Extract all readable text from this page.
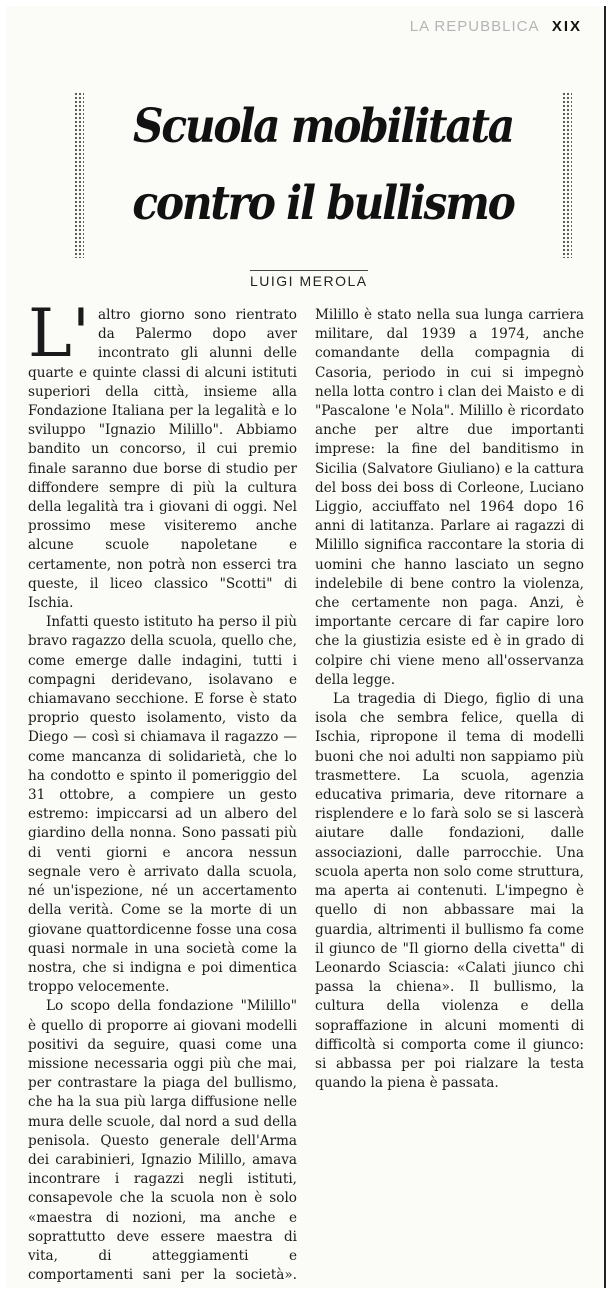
LA REPUBBLICA XIX
Scuola mobilitata
contro il bullismo
LUIGI MEROLA

L' altro giorno sono rientrato da Palermo dopo aver incontrato gli alunni delle quarte e quinte classi di alcuni istituti superiori della città, insieme alla Fondazione Italiana per la legalità e lo sviluppo "Ignazio Milillo". Abbiamo bandito un concorso, il cui premio finale saranno due borse di studio per diffondere sempre di più la cultura della legalità tra i giovani di oggi. Nel prossimo mese visiteremo anche alcune scuole napoletane e certamente, non potrà non esserci tra queste, il liceo classico "Scotti" di Ischia.

Infatti questo istituto ha perso il più bravo ragazzo della scuola, quello che, come emerge dalle indagini, tutti i compagni deridevano, isolavano e chiamavano secchione. E forse è stato proprio questo isolamento, visto da Diego — così si chiamava il ragazzo — come mancanza di solidarietà, che lo ha condotto e spinto il pomeriggio del 31 ottobre, a compiere un gesto estremo: impiccarsi ad un albero del giardino della nonna. Sono passati più di venti giorni e ancora nessun segnale vero è arrivato dalla scuola, né un'ispezione, né un accertamento della verità. Come se la morte di un giovane quattordicenne fosse una cosa quasi normale in una società come la nostra, che si indigna e poi dimentica troppo velocemente.

Lo scopo della fondazione "Milillo" è quello di proporre ai giovani modelli positivi da seguire, quasi come una missione necessaria oggi più che mai, per contrastare la piaga del bullismo, che ha la sua più larga diffusione nelle mura delle scuole, dal nord a sud della penisola. Questo generale dell'Arma dei carabinieri, Ignazio Milillo, amava incontrare i ragazzi negli istituti, consapevole che la scuola non è solo «maestra di nozioni, ma anche e soprattutto deve essere maestra di vita, di atteggiamenti e comportamenti sani per la società». Milillo è stato nella sua lunga carriera militare, dal 1939 a 1974, anche comandante della compagnia di Casoria, periodo in cui si impegnò nella lotta contro i clan dei Maisto e di "Pascalone 'e Nola". Milillo è ricordato anche per altre due importanti imprese: la fine del banditismo in Sicilia (Salvatore Giuliano) e la cattura del boss dei boss di Corleone, Luciano Liggio, acciuffato nel 1964 dopo 16 anni di latitanza. Parlare ai ragazzi di Milillo significa raccontare la storia di uomini che hanno lasciato un segno indelebile di bene contro la violenza, che certamente non paga. Anzi, è importante cercare di far capire loro che la giustizia esiste ed è in grado di colpire chi viene meno all'osservanza della legge.

La tragedia di Diego, figlio di una isola che sembra felice, quella di Ischia, ripropone il tema di modelli buoni che noi adulti non sappiamo più trasmettere. La scuola, agenzia educativa primaria, deve ritornare a risplendere e lo farà solo se si lascerà aiutare dalle fondazioni, dalle associazioni, dalle parrocchie. Una scuola aperta non solo come struttura, ma aperta ai contenuti. L'impegno è quello di non abbassare mai la guardia, altrimenti il bullismo fa come il giunco de "Il giorno della civetta" di Leonardo Sciascia: «Calati jiunco chi passa la chiena». Il bullismo, la cultura della violenza e della sopraffazione in alcuni momenti di difficoltà si comporta come il giunco: si abbassa per poi rialzare la testa quando la piena è passata.
